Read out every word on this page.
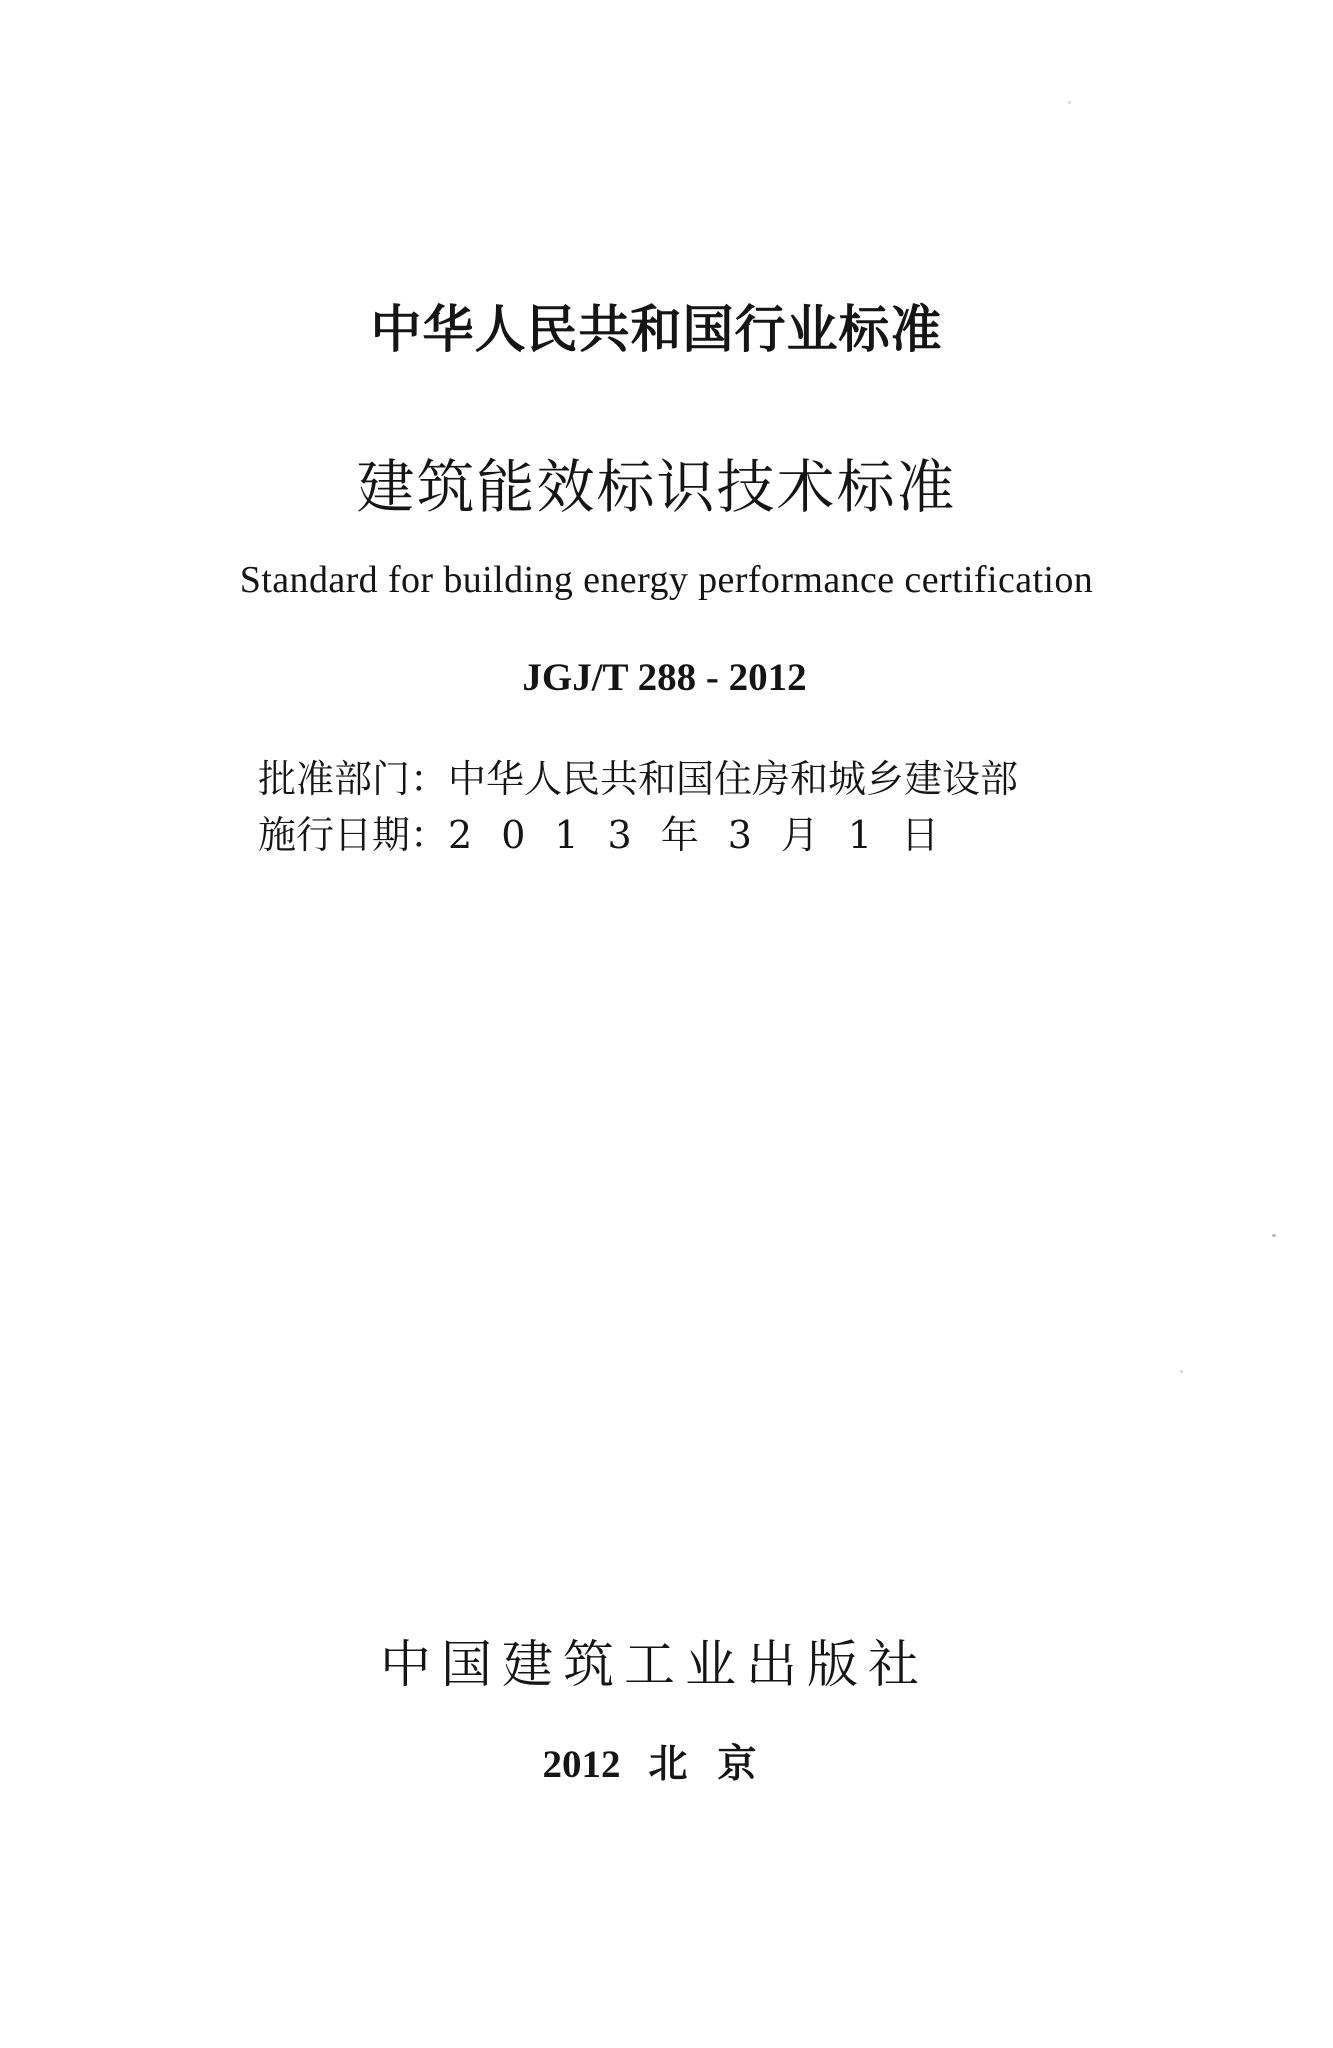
中华人民共和国行业标准
建筑能效标识技术标准
Standard for building energy performance certification
JGJ/T 288 - 2012
批准部门：中华人民共和国住房和城乡建设部
施行日期：2013年3月1日
中国建筑工业出版社
2012 北京
